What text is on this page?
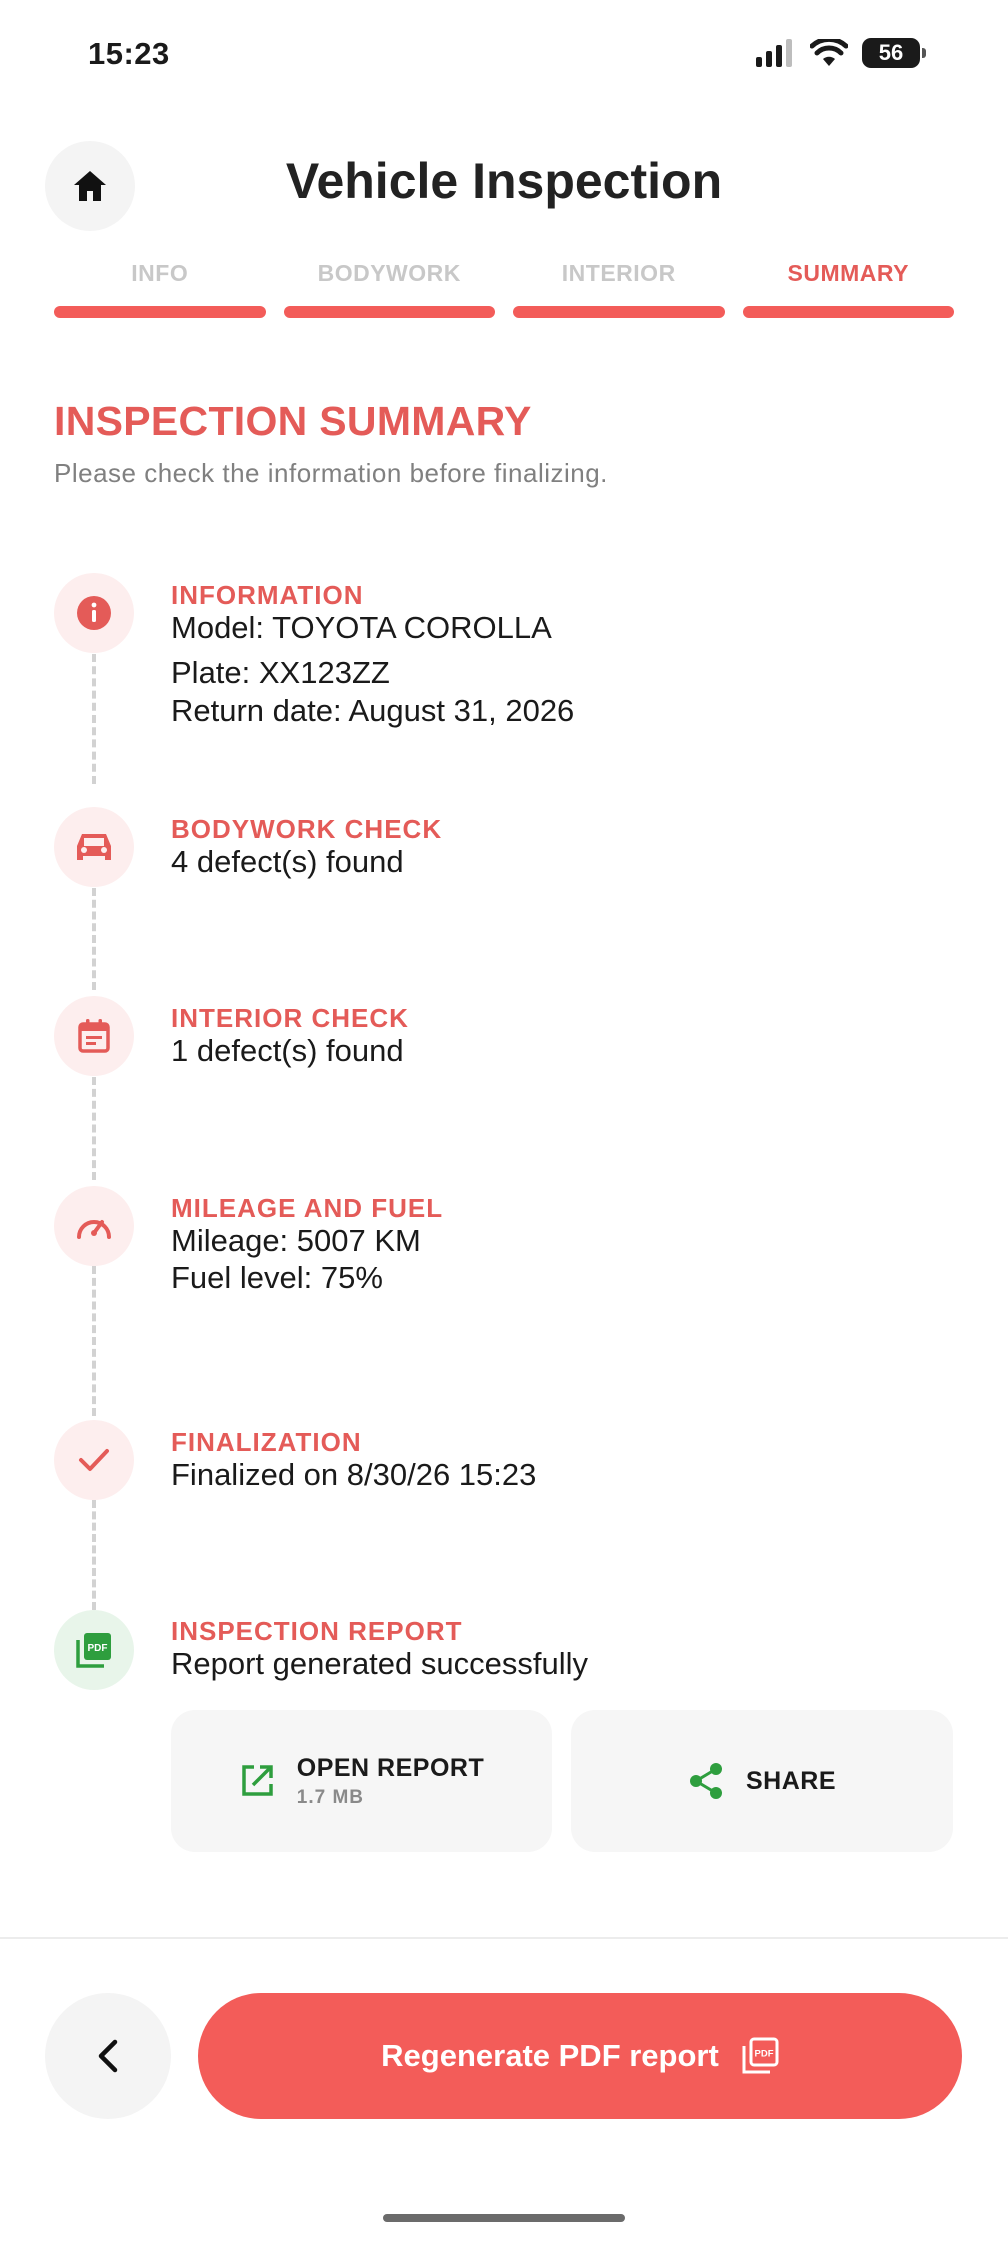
15:23	56
Vehicle Inspection
INFO	BODYWORK	INTERIOR	SUMMARY
INSPECTION SUMMARY
Please check the information before finalizing.
INFORMATION
Model: TOYOTA COROLLA
Plate: XX123ZZ
Return date: August 31, 2026
BODYWORK CHECK
4 defect(s) found
INTERIOR CHECK
1 defect(s) found
MILEAGE AND FUEL
Mileage: 5007 KM
Fuel level: 75%
FINALIZATION
Finalized on 8/30/26 15:23
PDF
INSPECTION REPORT
Report generated successfully
OPEN REPORT
1.7 MB
SHARE
Regenerate PDF report	PDF
